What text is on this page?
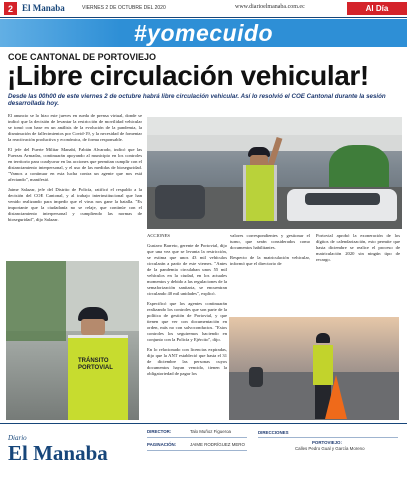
2	El Manaba	VIERNES 2 DE OCTUBRE DEL 2020	www.diarioelmanaba.com.ec	Al Día
#yomecuido
COE CANTONAL DE PORTOVIEJO
¡Libre circulación vehicular!
Desde las 00h00 de este viernes 2 de octubre habrá libre circulación vehicular. Así lo resolvió el COE Cantonal durante la sesión desarrollada hoy.

El anuncio se lo hizo este jueves en rueda de prensa virtual, donde se indicó que la decisión de levantar la restricción de movilidad vehicular se tomó con base en un análisis de la evolución de la pandemia, la disminución de fallecimientos por Covid-19, y la necesidad de fomentar la reactivación productiva y económica, de forma responsable.

El jefe del Fuerte Militar Manabí, Fabián Alvarado, indicó que las Fuerzas Armadas, continuarán apoyando al municipio en los controles en territorio para coadyuvar en las acciones que permitan cumplir con el distanciamiento interpersonal, y el uso de las medidas de bioseguridad. "Vamos a continuar en esta lucha contra un agente que nos está afectando", manifestó.

Jaime Salazar, jefe del Distrito de Policía, ratificó el respaldo a la decisión del COE Cantonal, y al trabajo interinstitucional que han venido realizando para impedir que el virus nos gane la batalla. "Es importante que la ciudadanía no se relaje, que continúe con el distanciamiento interpersonal y cumpliendo las normas de bioseguridad", dijo Salazar.

ACCIONES

Gustavo Barreto, gerente de Portovial, dijo que una vez que se levanta la restricción, se estima que unos 43 mil vehículos circularán a partir de este viernes. "Antes de la pandemia circulaban unos 55 mil vehículos en la ciudad, en los actuales momentos y debido a las regulaciones de la semaforización sanitaria, se encuentran circulando 40 mil unidades", explicó.

Especificó que los agentes continuarán realizando los controles que son parte de la política de gestión de Portovial, y que tienen que ver con documentación en orden, más no con salvoconductos. "Estos controles los seguiremos haciendo en conjunto con la Policía y Ejército", dijo.

En lo relacionado con licencias expiradas, dijo que la ANT estableció que hasta el 31 de diciembre las personas cuyos documentos hayan vencido, tienen la obligatoriedad de pagar los

valores correspondientes y gestionar el turno, que serán considerados como documentos habilitantes.

Respecto de la matriculación vehicular, informó que el directorio de

Portovial aprobó la exoneración de los dígitos de calendarización, esto permite que hasta diciembre se realice el proceso de matriculación 2020 sin ningún tipo de recargo.

TRÁNSITO PORTOVIAL
Diario
El Manaba
DIRECTOR:	Talo Muñoz Figueroa
PAGINACIÓN:	JAIME RODRÍGUEZ MERO
DIRECCIONES
PORTOVIEJO:
Calles Pedro Gual y García Moreno
